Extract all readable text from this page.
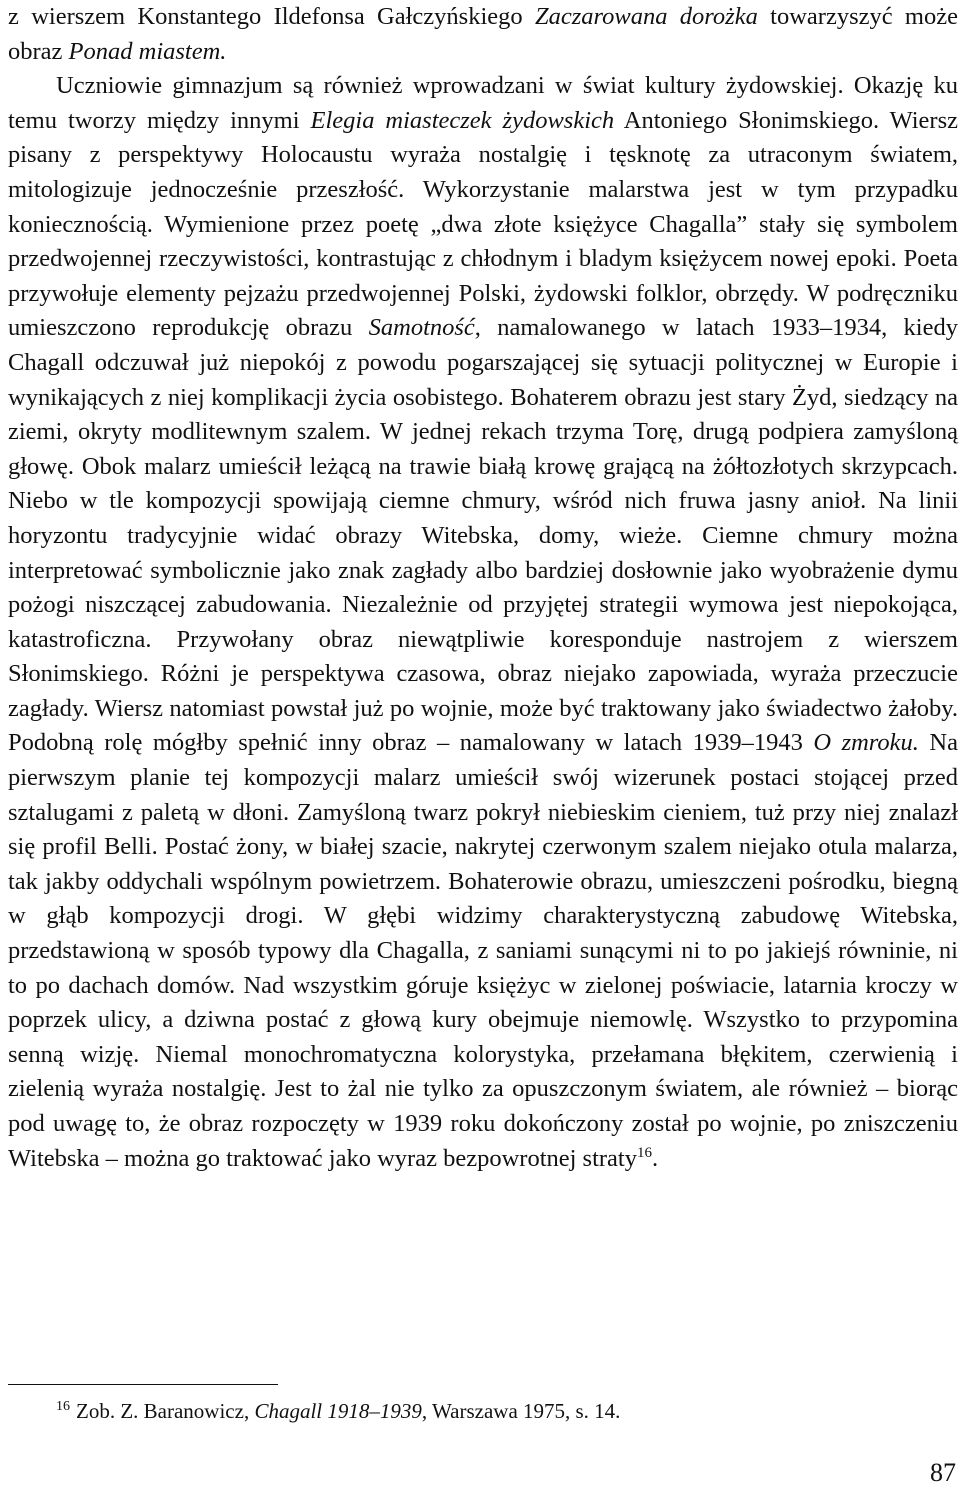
z wierszem Konstantego Ildefonsa Gałczyńskiego Zaczarowana dorożka towarzyszyć może obraz Ponad miastem.

Uczniowie gimnazjum są również wprowadzani w świat kultury żydowskiej. Okazję ku temu tworzy między innymi Elegia miasteczek żydowskich Antoniego Słonimskiego. Wiersz pisany z perspektywy Holocaustu wyraża nostalgię i tęsknotę za utraconym światem, mitologizuje jednocześnie przeszłość. Wykorzystanie malarstwa jest w tym przypadku koniecznością. Wymienione przez poetę „dwa złote księżyce Chagalla” stały się symbolem przedwojennej rzeczywistości, kontrastując z chłodnym i bladym księżycem nowej epoki. Poeta przywołuje elementy pejzażu przedwojennej Polski, żydowski folklor, obrzędy. W podręczniku umieszczono reprodukcję obrazu Samotność, namalowanego w latach 1933–1934, kiedy Chagall odczuwał już niepokój z powodu pogarszającej się sytuacji politycznej w Europie i wynikających z niej komplikacji życia osobistego. Bohaterem obrazu jest stary Żyd, siedzący na ziemi, okryty modlitewnym szalem. W jednej rekach trzyma Torę, drugą podpiera zamyśloną głowę. Obok malarz umieścił leżącą na trawie białą krowę grającą na żółtozłotych skrzypcach. Niebo w tle kompozycji spowijają ciemne chmury, wśród nich fruwa jasny anioł. Na linii horyzontu tradycyjnie widać obrazy Witebska, domy, wieże. Ciemne chmury można interpretować symbolicznie jako znak zagłady albo bardziej dosłownie jako wyobrażenie dymu pożogi niszczącej zabudowania. Niezależnie od przyjętej strategii wymowa jest niepokojąca, katastroficzna. Przywołany obraz niewątpliwie koresponduje nastrojem z wierszem Słonimskiego. Różni je perspektywa czasowa, obraz niejako zapowiada, wyraża przeczucie zagłady. Wiersz natomiast powstał już po wojnie, może być traktowany jako świadectwo żałoby. Podobną rolę mógłby spełnić inny obraz – namalowany w latach 1939–1943 O zmroku. Na pierwszym planie tej kompozycji malarz umieścił swój wizerunek postaci stojącej przed sztalugami z paletą w dłoni. Zamyśloną twarz pokrył niebieskim cieniem, tuż przy niej znalazł się profil Belli. Postać żony, w białej szacie, nakrytej czerwonym szalem niejako otula malarza, tak jakby oddychali wspólnym powietrzem. Bohaterowie obrazu, umieszczeni pośrodku, biegną w głąb kompozycji drogi. W głębi widzimy charakterystyczną zabudowę Witebska, przedstawioną w sposób typowy dla Chagalla, z saniami sunącymi ni to po jakiejś równinie, ni to po dachach domów. Nad wszystkim góruje księżyc w zielonej poświacie, latarnia kroczy w poprzek ulicy, a dziwna postać z głową kury obejmuje niemowlę. Wszystko to przypomina senną wizję. Niemal monochromatyczna kolorystyka, przełamana błękitem, czerwienią i zielenią wyraża nostalgię. Jest to żal nie tylko za opuszczonym światem, ale również – biorąc pod uwagę to, że obraz rozpoczęty w 1939 roku dokończony został po wojnie, po zniszczeniu Witebska – można go traktować jako wyraz bezpowrotnej straty$^{16}$.

$^{16}$ Zob. Z. Baranowicz, Chagall 1918–1939, Warszawa 1975, s. 14.
87
